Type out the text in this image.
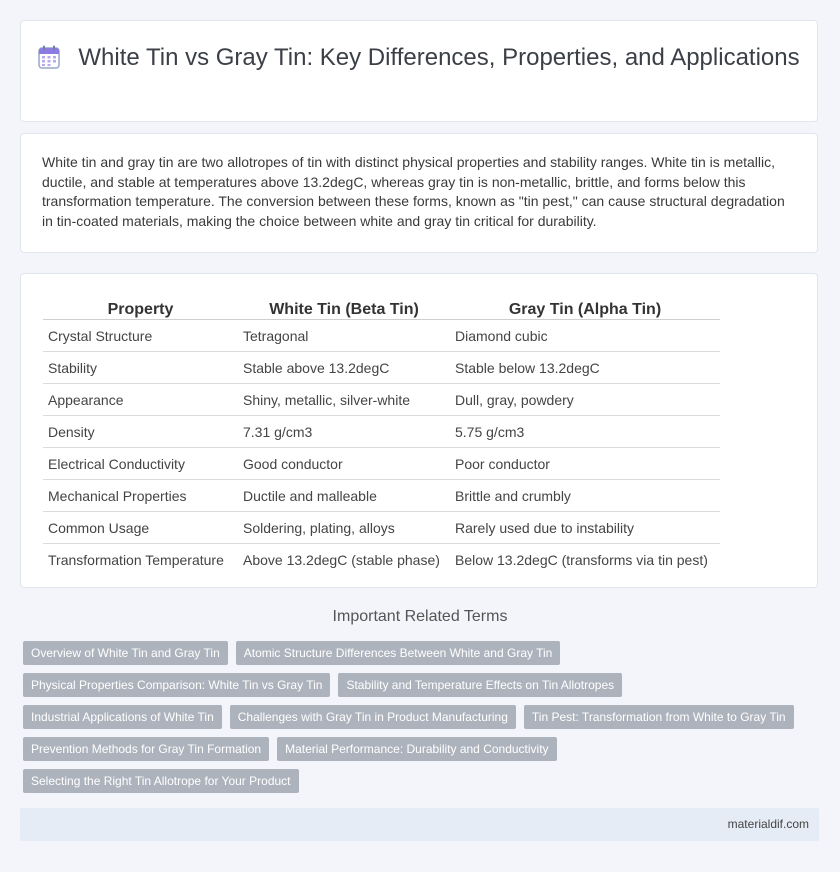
White Tin vs Gray Tin: Key Differences, Properties, and Applications
White tin and gray tin are two allotropes of tin with distinct physical properties and stability ranges. White tin is metallic, ductile, and stable at temperatures above 13.2degC, whereas gray tin is non-metallic, brittle, and forms below this transformation temperature. The conversion between these forms, known as "tin pest," can cause structural degradation in tin-coated materials, making the choice between white and gray tin critical for durability.
Property	White Tin (Beta Tin)	Gray Tin (Alpha Tin)
Crystal Structure	Tetragonal	Diamond cubic
Stability	Stable above 13.2degC	Stable below 13.2degC
Appearance	Shiny, metallic, silver-white	Dull, gray, powdery
Density	7.31 g/cm3	5.75 g/cm3
Electrical Conductivity	Good conductor	Poor conductor
Mechanical Properties	Ductile and malleable	Brittle and crumbly
Common Usage	Soldering, plating, alloys	Rarely used due to instability
Transformation Temperature	Above 13.2degC (stable phase)	Below 13.2degC (transforms via tin pest)
Important Related Terms
Overview of White Tin and Gray Tin	Atomic Structure Differences Between White and Gray Tin
Physical Properties Comparison: White Tin vs Gray Tin	Stability and Temperature Effects on Tin Allotropes
Industrial Applications of White Tin	Challenges with Gray Tin in Product Manufacturing	Tin Pest: Transformation from White to Gray Tin
Prevention Methods for Gray Tin Formation	Material Performance: Durability and Conductivity
Selecting the Right Tin Allotrope for Your Product
materialdif.com
